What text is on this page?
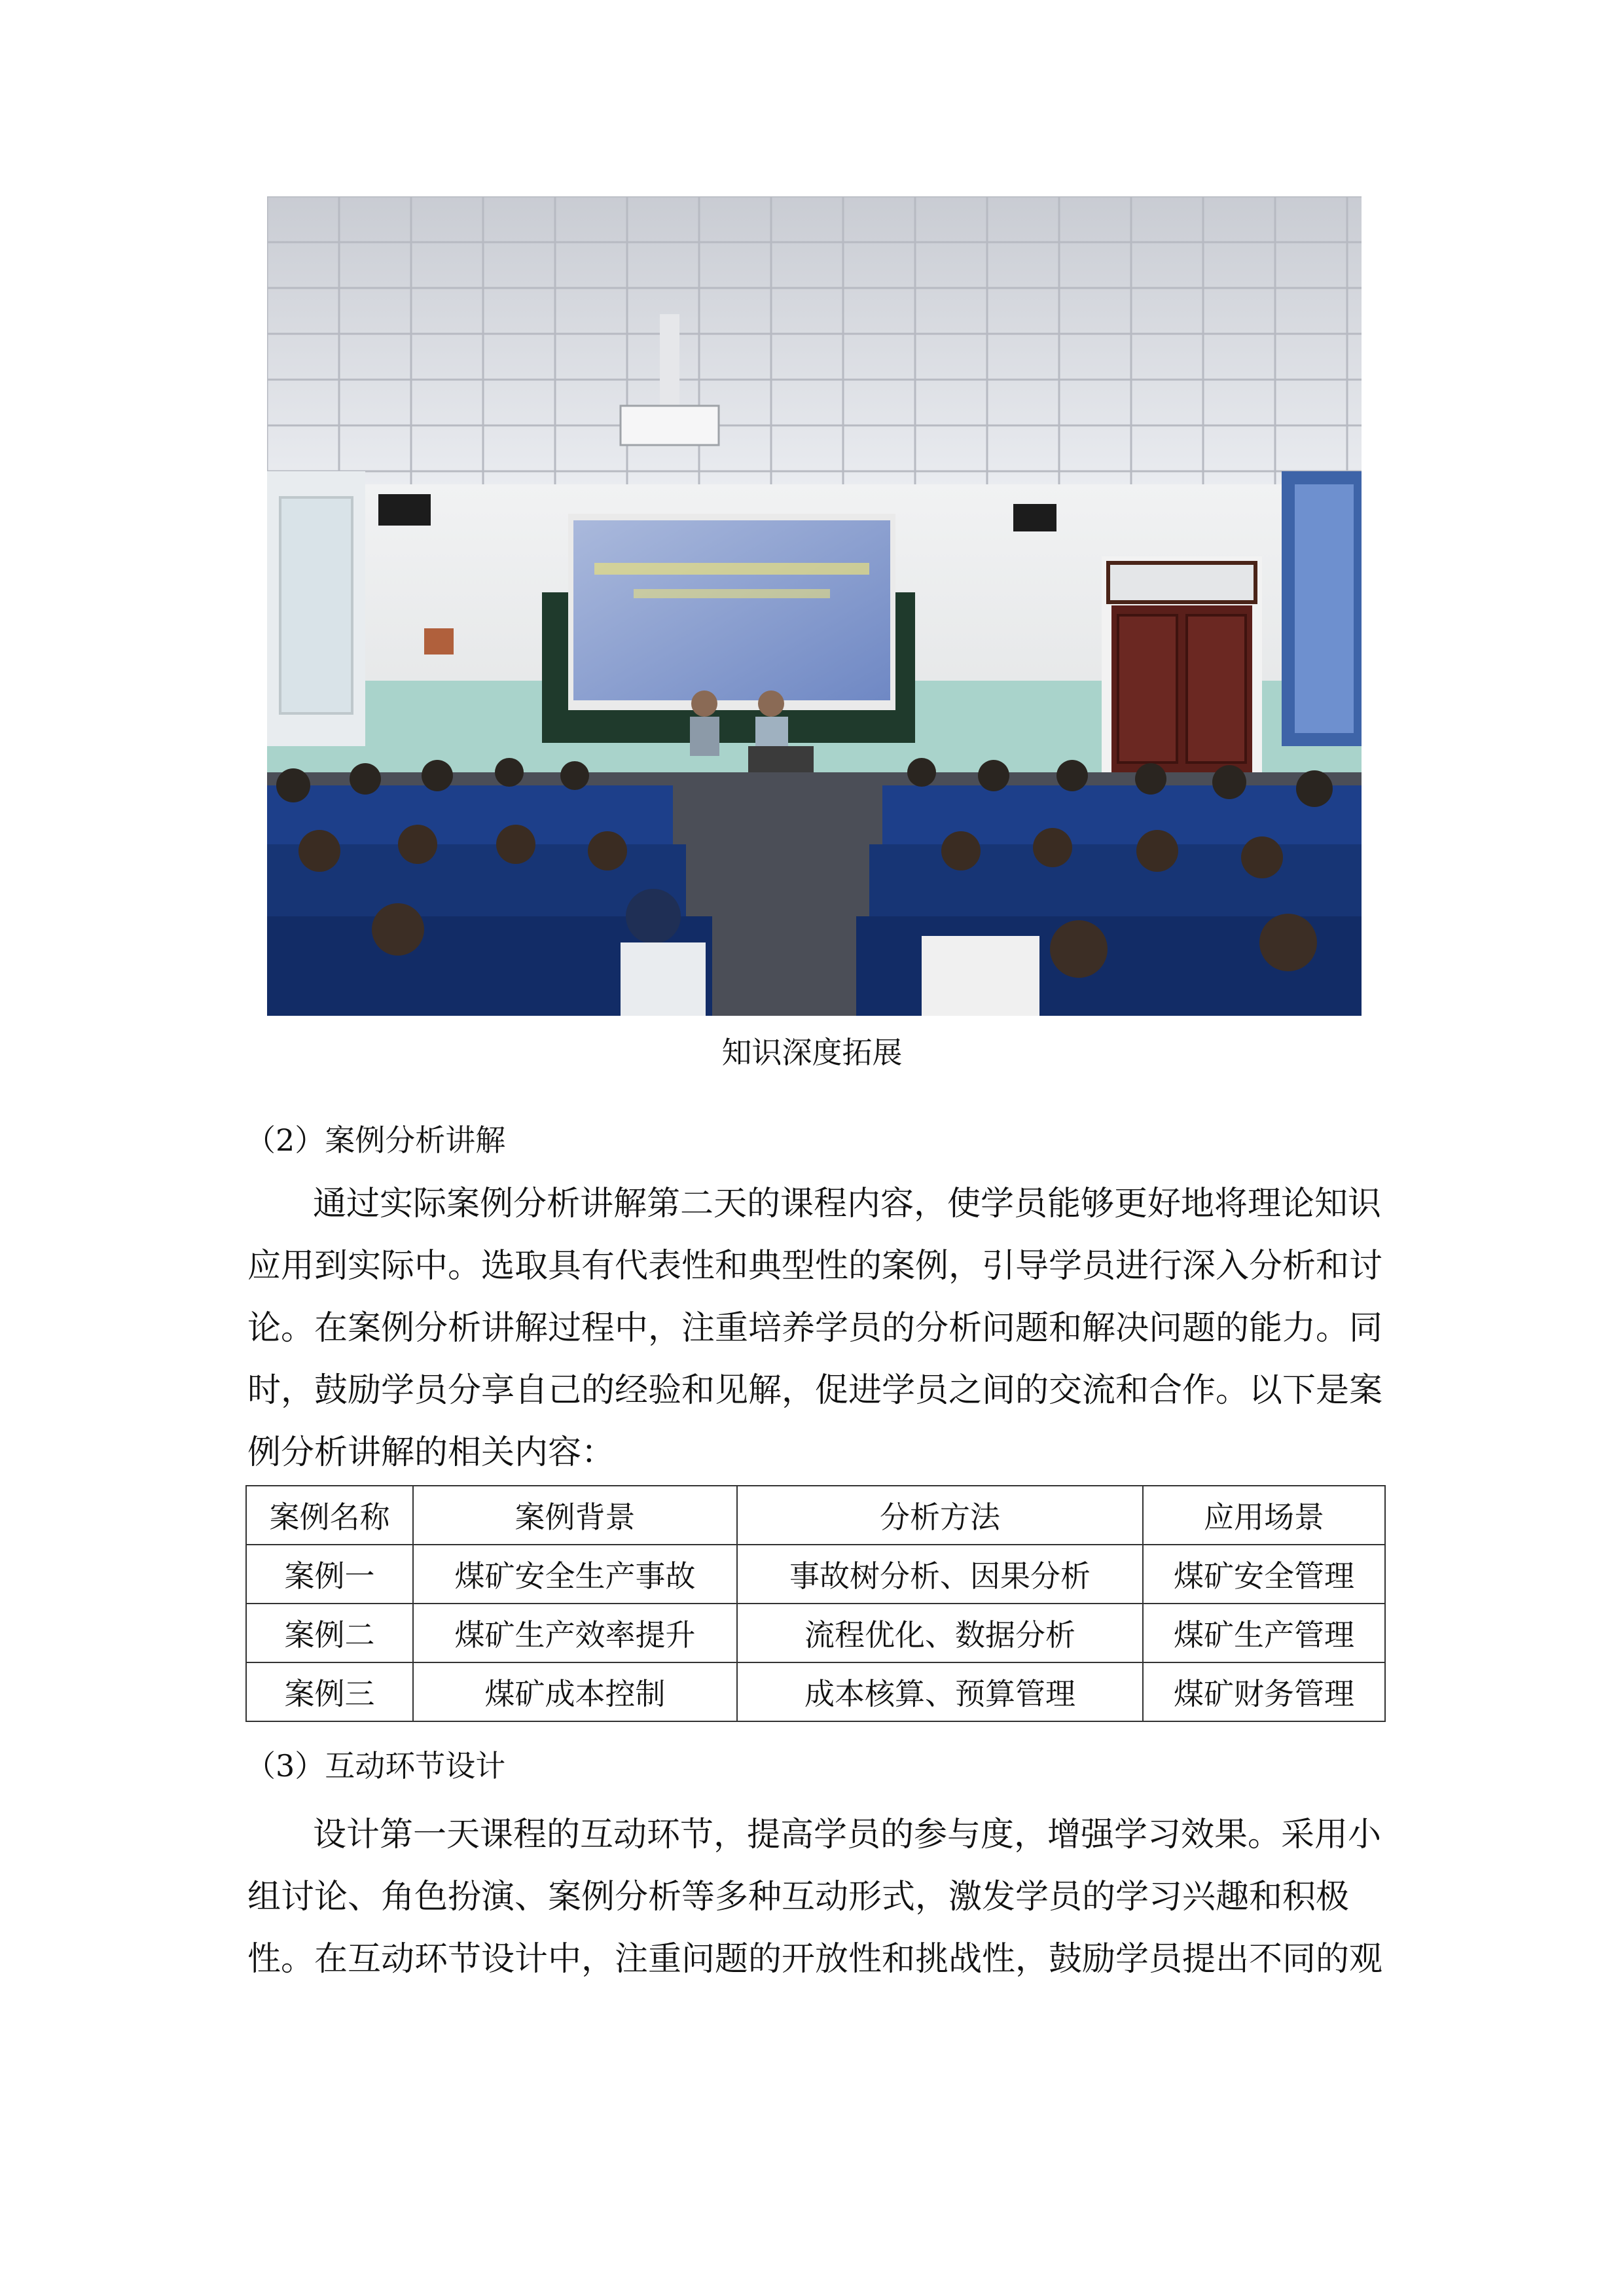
知识深度拓展
（2）案例分析讲解
通过实际案例分析讲解第二天的课程内容，使学员能够更好地将理论知识
应用到实际中。选取具有代表性和典型性的案例，引导学员进行深入分析和讨
论。在案例分析讲解过程中，注重培养学员的分析问题和解决问题的能力。同
时，鼓励学员分享自己的经验和见解，促进学员之间的交流和合作。以下是案
例分析讲解的相关内容：
案例名称	案例背景	分析方法	应用场景
案例一	煤矿安全生产事故	事故树分析、因果分析	煤矿安全管理
案例二	煤矿生产效率提升	流程优化、数据分析	煤矿生产管理
案例三	煤矿成本控制	成本核算、预算管理	煤矿财务管理
（3）互动环节设计
设计第一天课程的互动环节，提高学员的参与度，增强学习效果。采用小
组讨论、角色扮演、案例分析等多种互动形式，激发学员的学习兴趣和积极
性。在互动环节设计中，注重问题的开放性和挑战性，鼓励学员提出不同的观
